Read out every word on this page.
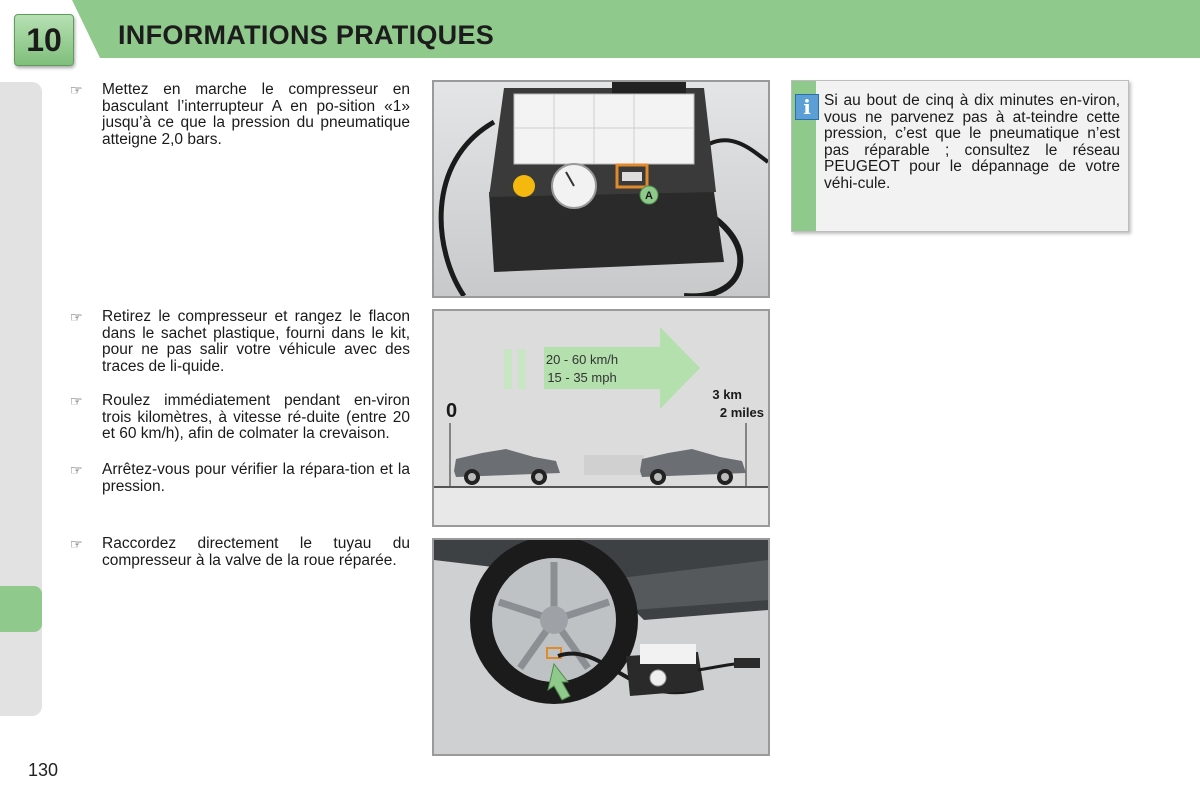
10	INFORMATIONS PRATIQUES
☞ Mettez en marche le compresseur en basculant l’interrupteur A en po-sition «1» jusqu’à ce que la pression du pneumatique atteigne 2,0 bars.
☞ Retirez le compresseur et rangez le flacon dans le sachet plastique, fourni dans le kit, pour ne pas salir votre véhicule avec des traces de li-quide.
☞ Roulez immédiatement pendant en-viron trois kilomètres, à vitesse ré-duite (entre 20 et 60 km/h), afin de colmater la crevaison.
☞ Arrêtez-vous pour vérifier la répara-tion et la pression.
☞ Raccordez directement le tuyau du compresseur à la valve de la roue réparée.
A
20 - 60 km/h
15 - 35 mph
0
3 km
2 miles
i Si au bout de cinq à dix minutes en-viron, vous ne parvenez pas à at-teindre cette pression, c’est que le pneumatique n’est pas réparable ; consultez le réseau PEUGEOT pour le dépannage de votre véhi-cule.
130
